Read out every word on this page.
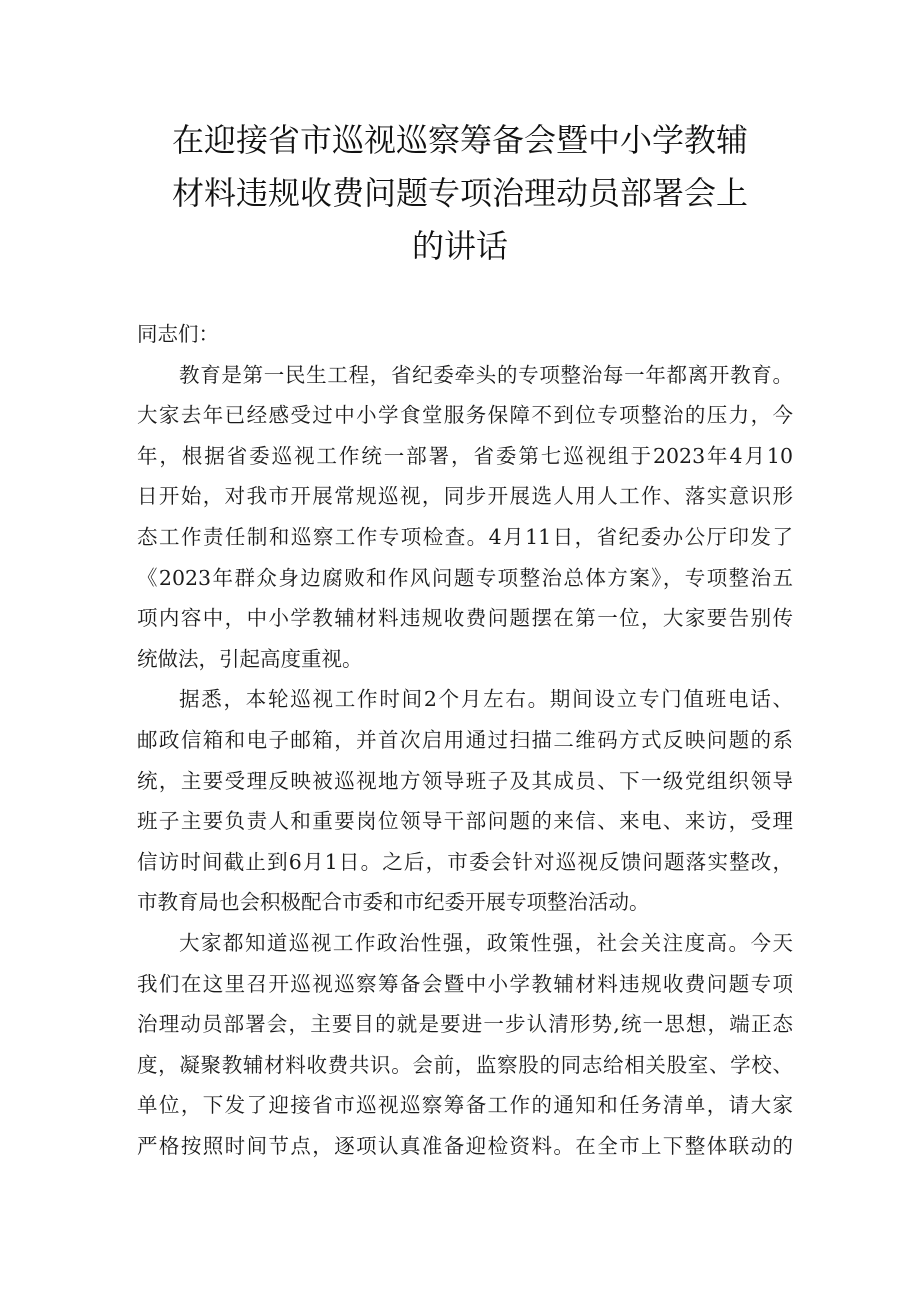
在迎接省市巡视巡察筹备会暨中小学教辅
材料违规收费问题专项治理动员部署会上
的讲话

同志们：

教育是第一民生工程，省纪委牵头的专项整治每一年都离开教育。
大家去年已经感受过中小学食堂服务保障不到位专项整治的压力，今
年，根据省委巡视工作统一部署，省委第七巡视组于2023年4月10
日开始，对我市开展常规巡视，同步开展选人用人工作、落实意识形
态工作责任制和巡察工作专项检查。4月11日，省纪委办公厅印发了
《2023年群众身边腐败和作风问题专项整治总体方案》，专项整治五
项内容中，中小学教辅材料违规收费问题摆在第一位，大家要告别传
统做法，引起高度重视。

据悉，本轮巡视工作时间2个月左右。期间设立专门值班电话、
邮政信箱和电子邮箱，并首次启用通过扫描二维码方式反映问题的系
统，主要受理反映被巡视地方领导班子及其成员、下一级党组织领导
班子主要负责人和重要岗位领导干部问题的来信、来电、来访，受理
信访时间截止到6月1日。之后，市委会针对巡视反馈问题落实整改，
市教育局也会积极配合市委和市纪委开展专项整治活动。

大家都知道巡视工作政治性强，政策性强，社会关注度高。今天
我们在这里召开巡视巡察筹备会暨中小学教辅材料违规收费问题专项
治理动员部署会，主要目的就是要进一步认清形势,统一思想，端正态
度，凝聚教辅材料收费共识。会前，监察股的同志给相关股室、学校、
单位，下发了迎接省市巡视巡察筹备工作的通知和任务清单，请大家
严格按照时间节点，逐项认真准备迎检资料。在全市上下整体联动的
